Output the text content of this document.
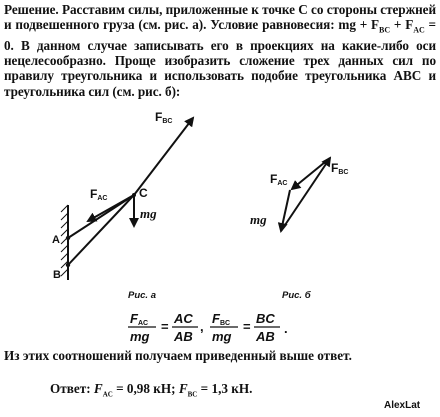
Решение. Расставим силы, приложенные к точке C со стороны стержней и подвешенного груза (см. рис. а). Условие равновесия: mg + $F_{BC} + F_{AC} = 0$. В данном случае записывать его в проекциях на какие-либо оси нецелесообразно. Проще изобразить сложение трех данных сил по правилу треугольника и использовать подобие треугольника ABC и треугольника сил (см. рис. б):
FBC
FAC	C
mg
A
B
FAC
FBC
mg
Рис. а	Рис. б
FAC
mg
=
AC
AB
,
FBC
mg
=
BC
AB
.
Из этих соотношений получаем приведенный выше ответ.
Ответ: $F_{AC} = 0,98$ кН; $F_{BC} = 1,3$ кН.
AlexLat
